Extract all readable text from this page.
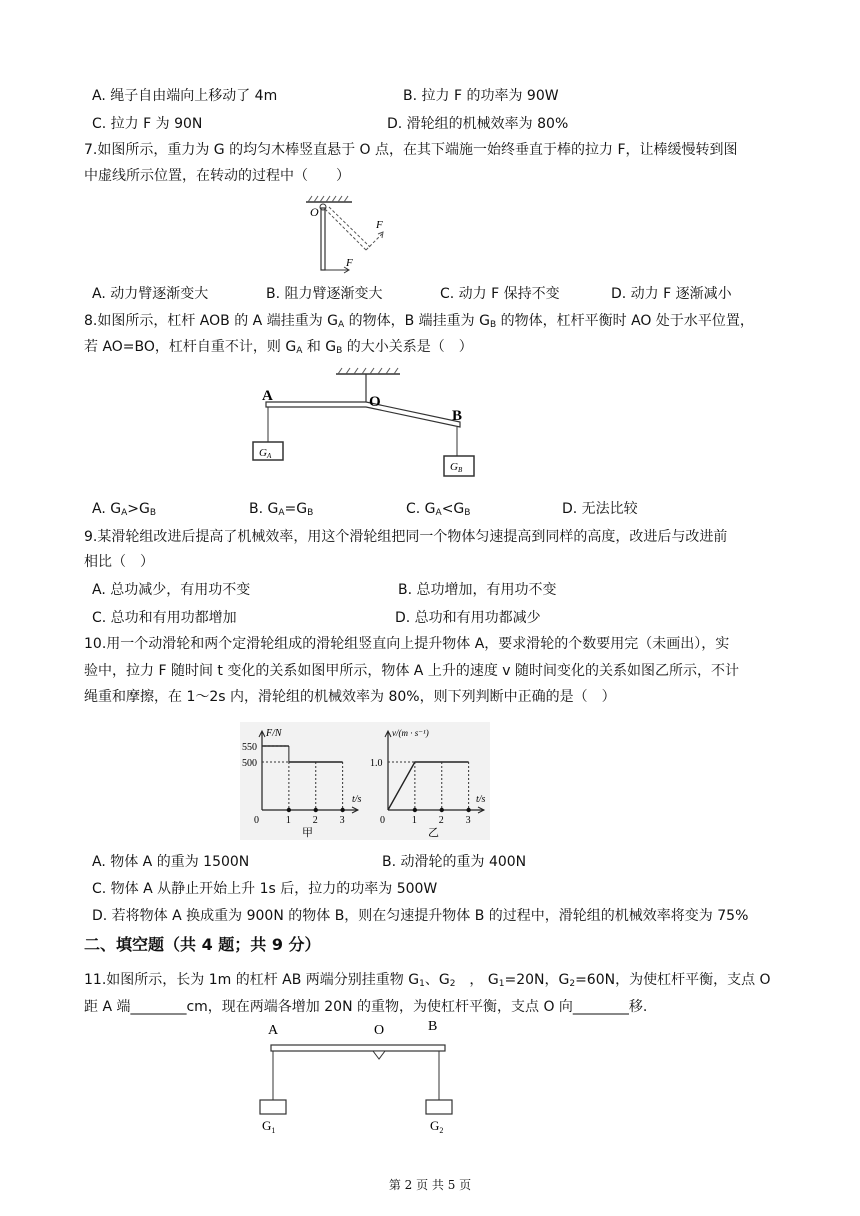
A. 绳子自由端向上移动了 4m	B. 拉力 F 的功率为 90W
C. 拉力 F 为 90N	D. 滑轮组的机械效率为 80%
7.如图所示，重力为 G 的均匀木棒竖直悬于 O 点，在其下端施一始终垂直于棒的拉力 F，让棒缓慢转到图
中虚线所示位置，在转动的过程中（　　）
O
F
F
A. 动力臂逐渐变大	B. 阻力臂逐渐变大	C. 动力 F 保持不变	D. 动力 F 逐渐减小
8.如图所示，杠杆 AOB 的 A 端挂重为 $G_A$ 的物体，B 端挂重为 $G_B$ 的物体，杠杆平衡时 AO 处于水平位置，
若 AO=BO，杠杆自重不计，则 $G_A$ 和 $G_B$ 的大小关系是（　）
A	O
B
GA
GB
A. $G_A>G_B$	B. $G_A=G_B$	C. $G_A<G_B$	D. 无法比较
9.某滑轮组改进后提高了机械效率，用这个滑轮组把同一个物体匀速提高到同样的高度，改进后与改进前
相比（　）
A. 总功减少，有用功不变	B. 总功增加，有用功不变
C. 总功和有用功都增加	D. 总功和有用功都减少
10.用一个动滑轮和两个定滑轮组成的滑轮组竖直向上提升物体 A，要求滑轮的个数要用完（未画出），实
验中，拉力 F 随时间 t 变化的关系如图甲所示，物体 A 上升的速度 v 随时间变化的关系如图乙所示，不计
绳重和摩擦，在 1～2s 内，滑轮组的机械效率为 80%，则下列判断中正确的是（　）
0	1 2 3
500
550
F/N
t/s
甲
0	1 2 3
1.0
v/(m · s⁻¹)
t/s
乙
A. 物体 A 的重为 1500N	B. 动滑轮的重为 400N
C. 物体 A 从静止开始上升 1s 后，拉力的功率为 500W
D. 若将物体 A 换成重为 900N 的物体 B，则在匀速提升物体 B 的过程中，滑轮组的机械效率将变为 75%
二、填空题（共 4 题；共 9 分）
11.如图所示，长为 1m 的杠杆 AB 两端分别挂重物 $G_1$、$G_2$　， $G_1=20N$，$G_2=60N$，为使杠杆平衡，支点 O
距 A 端________cm，现在两端各增加 20N 的重物，为使杠杆平衡，支点 O 向________移.
A	O	B
$G_1$	$G_2$
第 2 页 共 5 页
